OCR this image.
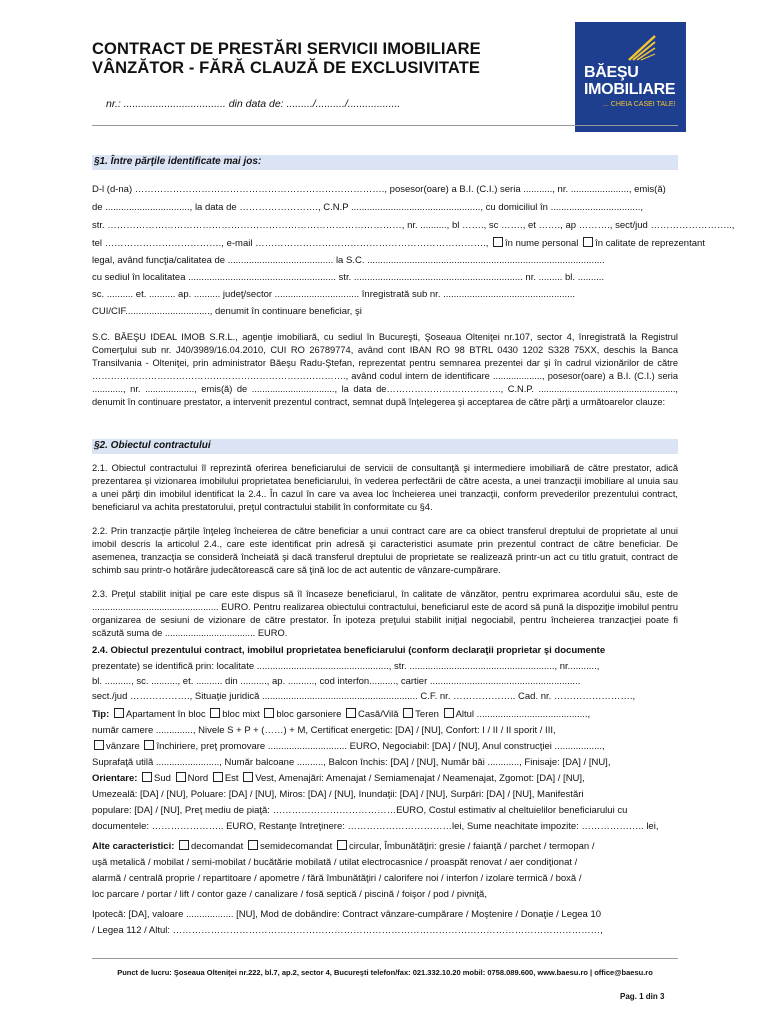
CONTRACT DE PRESTĂRI SERVICII IMOBILIARE
VÂNZĂTOR - FĂRĂ CLAUZĂ DE EXCLUSIVITATE	BĂEŞU
IMOBILIARE
... CHEIA CASEI TALE!
nr.: ................................... din data de: ........./........../..................
§1. Între părţile identificate mai jos:
D-l (d-na) ……………………………………………………………………., posesor(oare) a B.I. (C.I.) seria ..........., nr. ......................, emis(ă)
de ................................, la data de ……………………., C.N.P ................................................., cu domiciliul în ..................................,
str. …………………………………………………………………………………, nr. .........., bl ……., sc ……., et ……., ap ………., sect/jud ……………………..,
tel ………………………………., e-mail ………………………………………………………………., în nume personal în calitate de reprezentant
legal, având funcţia/calitatea de ........................................ la S.C. ..........................................................................................
cu sediul în localitatea ........................................................ str. ................................................................ nr. ......... bl. ..........
sc. .......... et. .......... ap. .......... judeţ/sector ................................ înregistrată sub nr. ..................................................
CUI/CIF................................, denumit în continuare beneficiar, şi
S.C. BĂEŞU IDEAL IMOB S.R.L., agenţie imobiliară, cu sediul în Bucureşti, Şoseaua Olteniţei nr.107, sector 4, înregistrată la Registrul Comerţului sub nr. J40/3989/16.04.2010, CUI RO 26789774, având cont IBAN RO 98 BTRL 0430 1202 S328 75XX, deschis la Banca Transilvania - Olteniţei, prin administrator Băeşu Radu-Ştefan, reprezentat pentru semnarea prezentei dar şi în cadrul vizionărilor de către ………………………………………………………………………., având codul intern de identificare ..................., posesor(oare) a B.I. (C.I.) seria ............, nr. ..................., emis(ă) de ................................, la data de………………………………., C.N.P. ....................................................., denumit în continuare prestator, a intervenit prezentul contract, semnat după înţelegerea şi acceptarea de către părţi a următoarelor clauze:
§2. Obiectul contractului
2.1. Obiectul contractului îl reprezintă oferirea beneficiarului de servicii de consultanţă şi intermediere imobiliară de către prestator, adică prezentarea şi vizionarea imobilului proprietatea beneficiarului, în vederea perfectării de către acesta, a unei tranzacţii imobiliare al unuia sau a unei părţi din imobilul identificat la 2.4.. În cazul în care va avea loc încheierea unei tranzacţii, conform prevederilor prezentului contract, beneficiarul va achita prestatorului, preţul contractului stabilit în conformitate cu §4.
2.2. Prin tranzacţie părţile înţeleg încheierea de către beneficiar a unui contract care are ca obiect transferul dreptului de proprietate al unui imobil descris la articolul 2.4., care este identificat prin adresă şi caracteristici asumate prin prezentul contract de către beneficiar. De asemenea, tranzacţia se consideră încheiată şi dacă transferul dreptului de proprietate se realizează printr-un act cu titlu gratuit, contract de schimb sau printr-o hotărâre judecătorească care să ţină loc de act autentic de vânzare-cumpărare.
2.3. Preţul stabilit iniţial pe care este dispus să îl încaseze beneficiarul, în calitate de vânzător, pentru exprimarea acordului său, este de ................................................. EURO. Pentru realizarea obiectului contractului, beneficiarul este de acord să pună la dispoziţie imobilul pentru organizarea de sesiuni de vizionare de către prestator. În ipoteza preţului stabilit iniţial negociabil, pentru încheierea tranzacţiei poate fi scăzută suma de ................................... EURO.
2.4. Obiectul prezentului contract, imobilul proprietatea beneficiarului (conform declaraţii proprietar şi documente
prezentate) se identifică prin: localitate .................................................., str. ......................................................., nr...........,
bl. .........., sc. .........., et. .......... din .........., ap. .........., cod interfon.........., cartier .........................................................
sect./jud ………………., Situaţie juridică ........................................................... C.F. nr. ……………….. Cad. nr. …………………….,
Tip: Apartament în bloc bloc mixt bloc garsoniere Casă/Vilă Teren Altul ..........................................,
număr camere .............., Nivele S + P + (……) + M, Certificat energetic: [DA] / [NU], Confort: I / II / II sporit / III,
vânzare închiriere, preţ promovare .............................. EURO, Negociabil: [DA] / [NU], Anul construcţiei ..................,
Suprafaţă utilă ........................, Număr balcoane .........., Balcon închis: [DA] / [NU], Număr băi ............, Finisaje: [DA] / [NU],
Orientare: Sud Nord Est Vest, Amenajări: Amenajat / Semiamenajat / Neamenajat, Zgomot: [DA] / [NU],
Umezeală: [DA] / [NU], Poluare: [DA] / [NU], Miros: [DA] / [NU], Inundaţii: [DA] / [NU], Surpări: [DA] / [NU], Manifestări
populare: [DA] / [NU], Preţ mediu de piaţă: …………………………………EURO, Costul estimativ al cheltuielilor beneficiarului cu
documentele: ………………….. EURO, Restanţe întreţinere: ……………………………lei, Sume neachitate impozite: ……………….. lei,
Alte caracteristici: decomandat semidecomandat circular, Îmbunătăţiri: gresie / faianţă / parchet / termopan /
uşă metalică / mobilat / semi-mobilat / bucătărie mobilată / utilat electrocasnice / proaspăt renovat / aer condiţionat /
alarmă / centrală proprie / repartitoare / apometre / fără îmbunătăţiri / calorifere noi / interfon / izolare termică / boxă /
loc parcare / portar / lift / contor gaze / canalizare / fosă septică / piscină / foişor / pod / pivniţă,
Ipotecă: [DA], valoare .................. [NU], Mod de dobândire: Contract vânzare-cumpărare / Moştenire / Donaţie / Legea 10
/ Legea 112 / Altul: ………………………………………………………………………………………………………………………,
Punct de lucru: Şoseaua Olteniţei nr.222, bl.7, ap.2, sector 4, Bucureşti telefon/fax: 021.332.10.20 mobil: 0758.089.600, www.baesu.ro | office@baesu.ro
Pag. 1 din 3
